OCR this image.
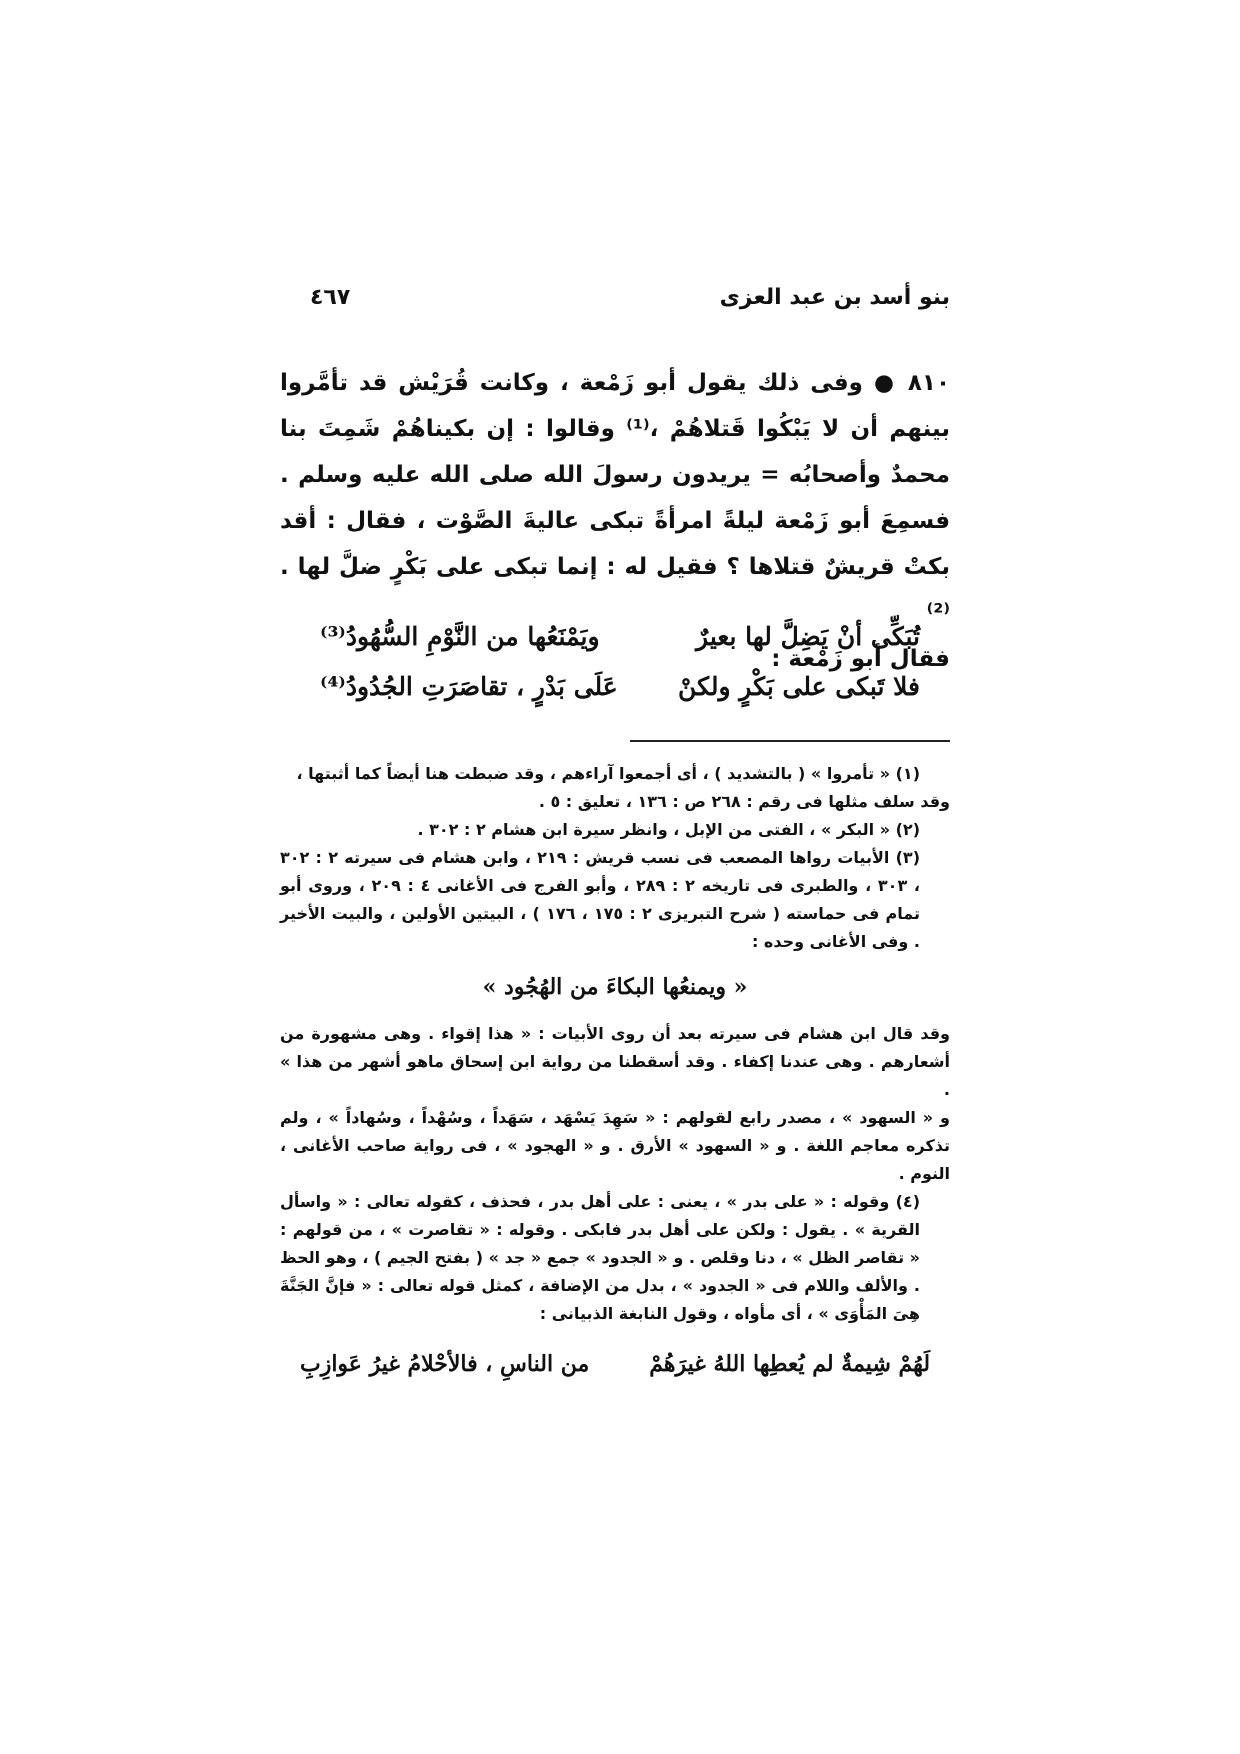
بنو أسد بن عبد العزى
٤٦٧

٨١٠ ● وفى ذلك يقول أبو زَمْعة ، وكانت قُرَيْش قد تأمَّروا بينهم أن لا يَبْكُوا قَتلاهُمْ ،⁽¹⁾ وقالوا : إن بكيناهُمْ شَمِتَ بنا محمدٌ وأصحابُه = يريدون رسولَ الله صلى الله عليه وسلم . فسمِعَ أبو زَمْعة ليلةً امرأةً تبكى عاليةَ الصَّوْت ، فقال : أقد بكتْ قريشٌ قتلاها ؟ فقيل له : إنما تبكى على بَكْرٍ ضلَّ لها .⁽²⁾

فقال أبو زَمْعة :

تُبَكِّى أنْ يَضِلَّ لها بعيرٌ
ويَمْنَعُها من النَّوْمِ السُّهُودُ⁽³⁾
فلا تَبكى على بَكْرٍ ولكنْ
عَلَى بَدْرٍ ، تقاصَرَتِ الجُدُودُ⁽⁴⁾

(١) « تأمروا » ( بالتشديد ) ، أى أجمعوا آراءهم ، وقد ضبطت هنا أيضاً كما أثبتها ،

وقد سلف مثلها فى رقم : ٢٦٨ ص : ١٣٦ ، تعليق : ٥ .

(٢) « البكر » ، الفتى من الإبل ، وانظر سيرة ابن هشام ٢ : ٣٠٢ .

(٣) الأبيات رواها المصعب فى نسب قريش : ٢١٩ ، وابن هشام فى سيرته ٢ : ٣٠٢ ، ٣٠٣ ، والطبرى فى تاريخه ٢ : ٢٨٩ ، وأبو الفرج فى الأغانى ٤ : ٢٠٩ ، وروى أبو تمام فى حماسته ( شرح التبريزى ٢ : ١٧٥ ، ١٧٦ ) ، البيتين الأولين ، والبيت الأخير . وفى الأغانى وحده :

« ويمنعُها البكاءَ من الهُجُود »

وقد قال ابن هشام فى سيرته بعد أن روى الأبيات : « هذا إقواء . وهى مشهورة من أشعارهم . وهى عندنا إكفاء . وقد أسقطنا من رواية ابن إسحاق ماهو أشهر من هذا » .

و « السهود » ، مصدر رابع لقولهم : « سَهِدَ يَسْهَد ، سَهَداً ، وسُهْداً ، وسُهاداً » ، ولم تذكره معاجم اللغة . و « السهود » الأرق . و « الهجود » ، فى رواية صاحب الأغانى ، النوم .

(٤) وقوله : « على بدر » ، يعنى : على أهل بدر ، فحذف ، كقوله تعالى : « واسأل القرية » . يقول : ولكن على أهل بدر فابكى . وقوله : « تقاصرت » ، من قولهم : « تقاصر الظل » ، دنا وقلص . و « الجدود » جمع « جد » ( بفتح الجيم ) ، وهو الحظ . والألف واللام فى « الجدود » ، بدل من الإضافة ، كمثل قوله تعالى : « فإنَّ الجَنَّةَ هِىَ المَأْوَى » ، أى مأواه ، وقول النابغة الذبيانى :

لَهُمْ شِيمةٌ لم يُعطِها اللهُ غيرَهُمْ
من الناسِ ، فالأحْلامُ غيرُ عَوازِبِ
